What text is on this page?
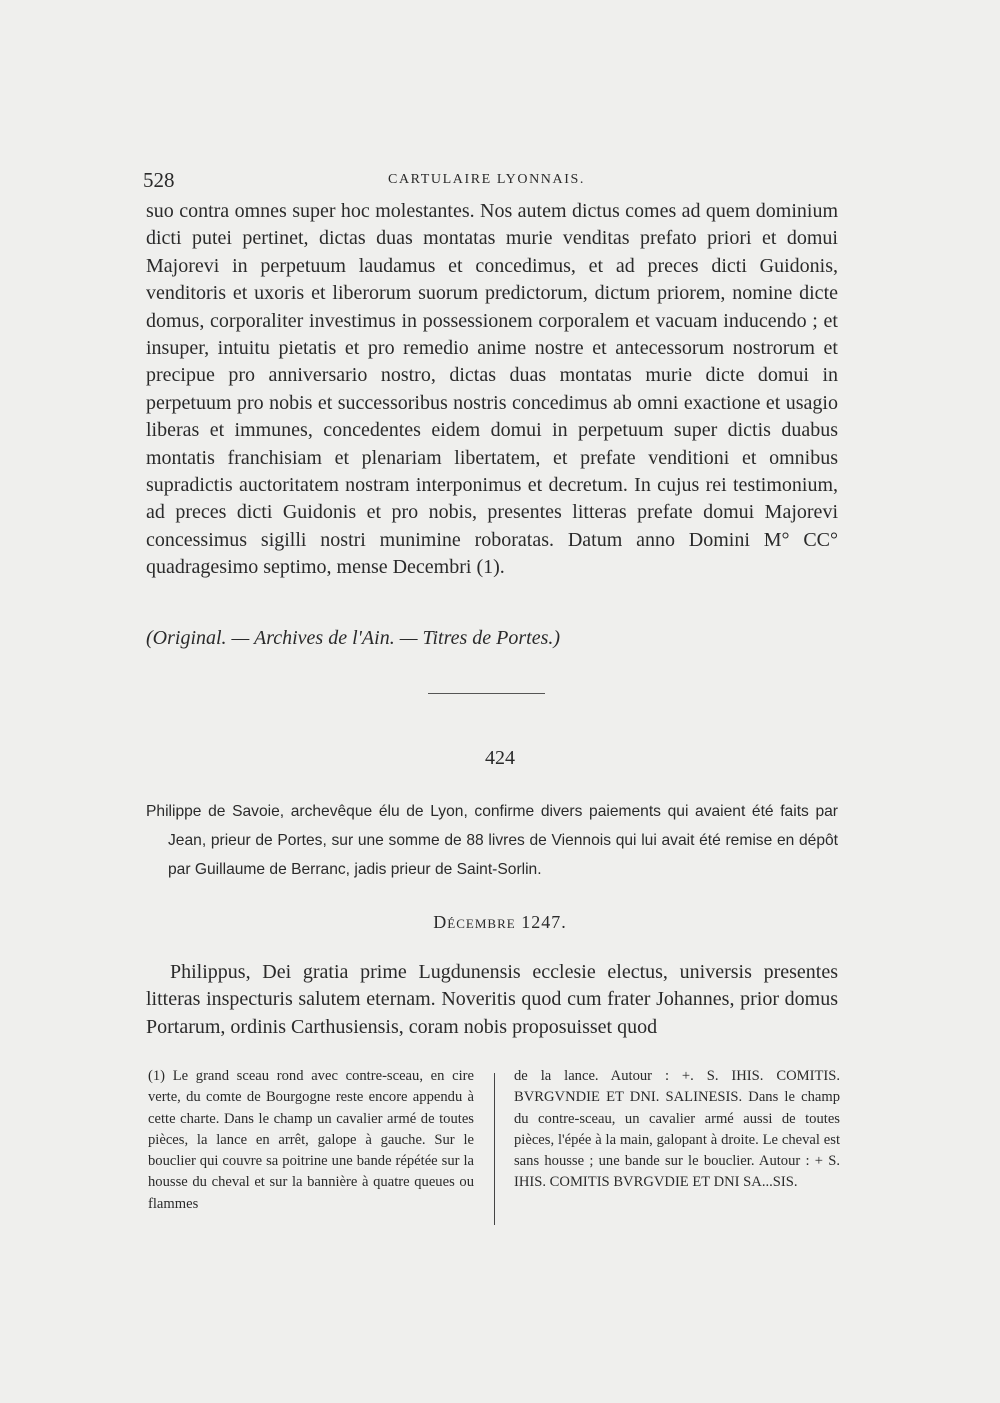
528	CARTULAIRE LYONNAIS.

suo contra omnes super hoc molestantes. Nos autem dictus comes ad quem dominium dicti putei pertinet, dictas duas montatas murie venditas prefato priori et domui Majorevi in perpetuum laudamus et concedimus, et ad preces dicti Guidonis, venditoris et uxoris et liberorum suorum predictorum, dictum priorem, nomine dicte domus, corporaliter investimus in possessionem corporalem et vacuam inducendo ; et insuper, intuitu pietatis et pro remedio anime nostre et antecessorum nostrorum et precipue pro anniversario nostro, dictas duas montatas murie dicte domui in perpetuum pro nobis et successoribus nostris concedimus ab omni exactione et usagio liberas et immunes, concedentes eidem domui in perpetuum super dictis duabus montatis franchisiam et plenariam libertatem, et prefate venditioni et omnibus supradictis auctoritatem nostram interponimus et decretum. In cujus rei testimonium, ad preces dicti Guidonis et pro nobis, presentes litteras prefate domui Majorevi concessimus sigilli nostri munimine roboratas. Datum anno Domini M° CC° quadragesimo septimo, mense Decembri (1).

(Original. — Archives de l'Ain. — Titres de Portes.)
424
Philippe de Savoie, archevêque élu de Lyon, confirme divers paiements qui avaient été faits par Jean, prieur de Portes, sur une somme de 88 livres de Viennois qui lui avait été remise en dépôt par Guillaume de Berranc, jadis prieur de Saint-Sorlin.
Décembre 1247.

Philippus, Dei gratia prime Lugdunensis ecclesie electus, universis presentes litteras inspecturis salutem eternam. Noveritis quod cum frater Johannes, prior domus Portarum, ordinis Carthusiensis, coram nobis proposuisset quod

(1) Le grand sceau rond avec contre-sceau, en cire verte, du comte de Bourgogne reste encore appendu à cette charte. Dans le champ un cavalier armé de toutes pièces, la lance en arrêt, galope à gauche. Sur le bouclier qui couvre sa poitrine une bande répétée sur la housse du cheval et sur la bannière à quatre queues ou flammes
de la lance. Autour : +. S. IHIS. COMITIS. BVRGVNDIE ET DNI. SALINESIS. Dans le champ du contre-sceau, un cavalier armé aussi de toutes pièces, l'épée à la main, galopant à droite. Le cheval est sans housse ; une bande sur le bouclier. Autour : + S. IHIS. COMITIS BVRGVDIE ET DNI SA...SIS.
